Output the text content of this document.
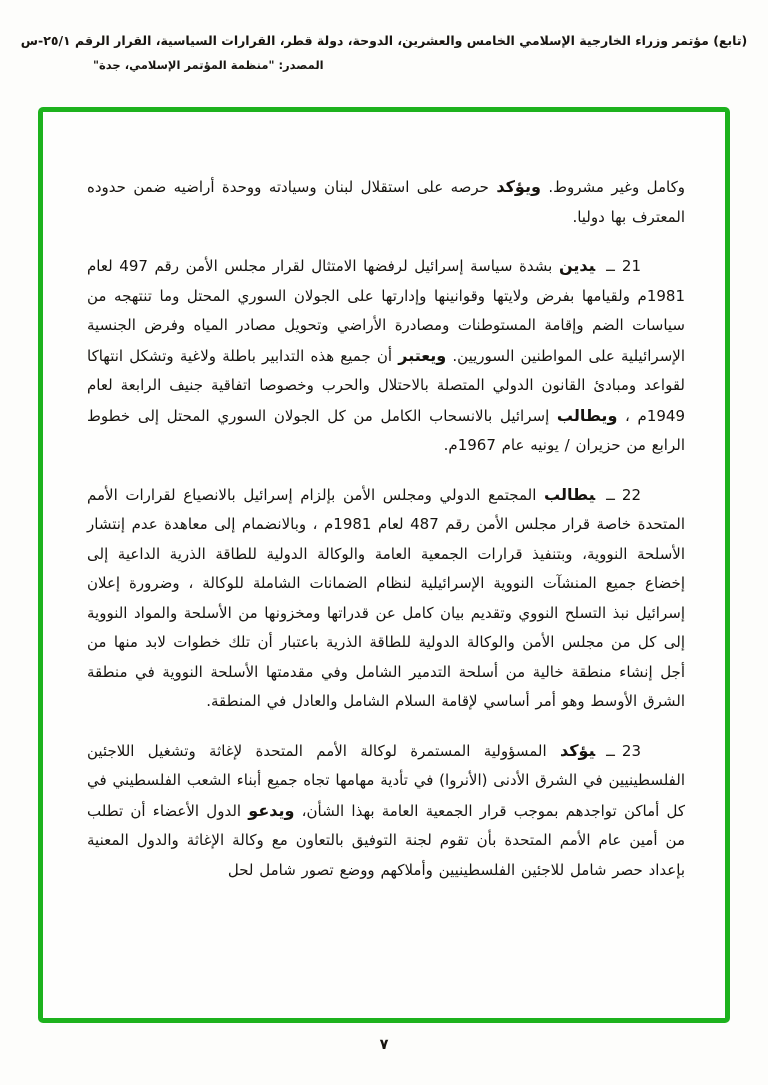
(تابع) مؤتمر وزراء الخارجية الإسلامي الخامس والعشرين، الدوحة، دولة قطر، القرارات السياسية، القرار الرقم ٢٥/١-س
المصدر: "منظمة المؤتمر الإسلامي، جدة"

وكامل وغير مشروط. ويؤكد حرصه على استقلال لبنان وسيادته ووحدة أراضيه ضمن حدوده المعترف بها دوليا.

21ــيدين بشدة سياسة إسرائيل لرفضها الامتثال لقرار مجلس الأمن رقم 497 لعام 1981م ولقيامها بفرض ولايتها وقوانينها وإدارتها على الجولان السوري المحتل وما تنتهجه من سياسات الضم وإقامة المستوطنات ومصادرة الأراضي وتحويل مصادر المياه وفرض الجنسية الإسرائيلية على المواطنين السوريين. ويعتبر أن جميع هذه التدابير باطلة ولاغية وتشكل انتهاكا لقواعد ومبادئ القانون الدولي المتصلة بالاحتلال والحرب وخصوصا اتفاقية جنيف الرابعة لعام 1949م ، ويطالب إسرائيل بالانسحاب الكامل من كل الجولان السوري المحتل إلى خطوط الرابع من حزيران / يونيه عام 1967م.

22ــيطالب المجتمع الدولي ومجلس الأمن بإلزام إسرائيل بالانصياع لقرارات الأمم المتحدة خاصة قرار مجلس الأمن رقم 487 لعام 1981م ، وبالانضمام إلى معاهدة عدم إنتشار الأسلحة النووية، وبتنفيذ قرارات الجمعية العامة والوكالة الدولية للطاقة الذرية الداعية إلى إخضاع جميع المنشآت النووية الإسرائيلية لنظام الضمانات الشاملة للوكالة ، وضرورة إعلان إسرائيل نبذ التسلح النووي وتقديم بيان كامل عن قدراتها ومخزونها من الأسلحة والمواد النووية إلى كل من مجلس الأمن والوكالة الدولية للطاقة الذرية باعتبار أن تلك خطوات لابد منها من أجل إنشاء منطقة خالية من أسلحة التدمير الشامل وفي مقدمتها الأسلحة النووية في منطقة الشرق الأوسط وهو أمر أساسي لإقامة السلام الشامل والعادل في المنطقة.

23ــيؤكد المسؤولية المستمرة لوكالة الأمم المتحدة لإغاثة وتشغيل اللاجئين الفلسطينيين في الشرق الأدنى (الأنروا) في تأدية مهامها تجاه جميع أبناء الشعب الفلسطيني في كل أماكن تواجدهم بموجب قرار الجمعية العامة بهذا الشأن، ويدعو الدول الأعضاء أن تطلب من أمين عام الأمم المتحدة بأن تقوم لجنة التوفيق بالتعاون مع وكالة الإغاثة والدول المعنية بإعداد حصر شامل للاجئين الفلسطينيين وأملاكهم ووضع تصور شامل لحل

٧
